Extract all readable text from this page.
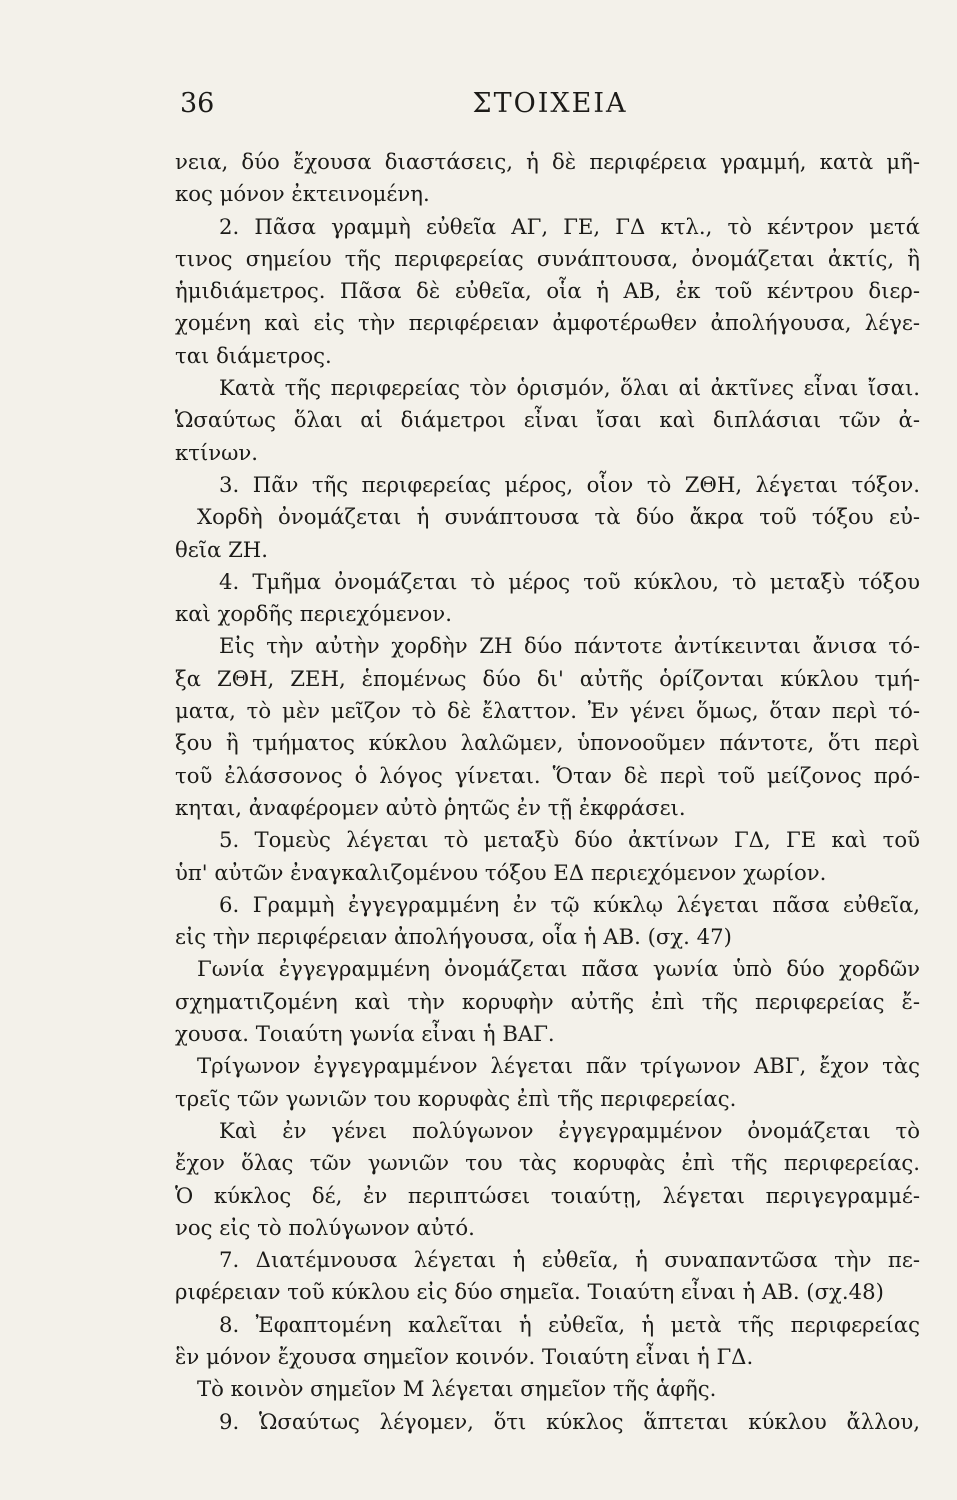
36	ΣΤΟΙΧΕΙΑ
νεια, δύο ἔχουσα διαστάσεις, ἡ δὲ περιφέρεια γραμμή, κατὰ μῆ-
κος μόνον ἐκτεινομένη.
2. Πᾶσα γραμμὴ εὐθεῖα ΑΓ, ΓΕ, ΓΔ κτλ., τὸ κέντρον μετά
τινος σημείου τῆς περιφερείας συνάπτουσα, ὀνομάζεται ἀκτίς, ἢ
ἡμιδιάμετρος. Πᾶσα δὲ εὐθεῖα, οἷα ἡ ΑΒ, ἐκ τοῦ κέντρου διερ-
χομένη καὶ εἰς τὴν περιφέρειαν ἀμφοτέρωθεν ἀπολήγουσα, λέγε-
ται διάμετρος.
Κατὰ τῆς περιφερείας τὸν ὁρισμόν, ὅλαι αἱ ἀκτῖνες εἶναι ἴσαι.
Ὡσαύτως ὅλαι αἱ διάμετροι εἶναι ἴσαι καὶ διπλάσιαι τῶν ἀ-
κτίνων.
3. Πᾶν τῆς περιφερείας μέρος, οἷον τὸ ΖΘΗ, λέγεται τόξον.
Χορδὴ ὀνομάζεται ἡ συνάπτουσα τὰ δύο ἄκρα τοῦ τόξου εὐ-
θεῖα ΖΗ.
4. Τμῆμα ὀνομάζεται τὸ μέρος τοῦ κύκλου, τὸ μεταξὺ τόξου
καὶ χορδῆς περιεχόμενον.
Εἰς τὴν αὐτὴν χορδὴν ΖΗ δύο πάντοτε ἀντίκεινται ἄνισα τό-
ξα ΖΘΗ, ΖΕΗ, ἑπομένως δύο δι' αὐτῆς ὁρίζονται κύκλου τμή-
ματα, τὸ μὲν μεῖζον τὸ δὲ ἔλαττον. Ἐν γένει ὅμως, ὅταν περὶ τό-
ξου ἢ τμήματος κύκλου λαλῶμεν, ὑπονοοῦμεν πάντοτε, ὅτι περὶ
τοῦ ἐλάσσονος ὁ λόγος γίνεται. Ὅταν δὲ περὶ τοῦ μείζονος πρό-
κηται, ἀναφέρομεν αὐτὸ ῥητῶς ἐν τῇ ἐκφράσει.
5. Τομεὺς λέγεται τὸ μεταξὺ δύο ἀκτίνων ΓΔ, ΓΕ καὶ τοῦ
ὑπ' αὐτῶν ἐναγκαλιζομένου τόξου ΕΔ περιεχόμενον χωρίον.
6. Γραμμὴ ἐγγεγραμμένη ἐν τῷ κύκλῳ λέγεται πᾶσα εὐθεῖα,
εἰς τὴν περιφέρειαν ἀπολήγουσα, οἷα ἡ ΑΒ. (σχ. 47)
Γωνία ἐγγεγραμμένη ὀνομάζεται πᾶσα γωνία ὑπὸ δύο χορδῶν
σχηματιζομένη καὶ τὴν κορυφὴν αὐτῆς ἐπὶ τῆς περιφερείας ἔ-
χουσα. Τοιαύτη γωνία εἶναι ἡ ΒΑΓ.
Τρίγωνον ἐγγεγραμμένον λέγεται πᾶν τρίγωνον ΑΒΓ, ἔχον τὰς
τρεῖς τῶν γωνιῶν του κορυφὰς ἐπὶ τῆς περιφερείας.
Καὶ ἐν γένει πολύγωνον ἐγγεγραμμένον ὀνομάζεται τὸ
ἔχον ὅλας τῶν γωνιῶν του τὰς κορυφὰς ἐπὶ τῆς περιφερείας.
Ὁ κύκλος δέ, ἐν περιπτώσει τοιαύτῃ, λέγεται περιγεγραμμέ-
νος εἰς τὸ πολύγωνον αὐτό.
7. Διατέμνουσα λέγεται ἡ εὐθεῖα, ἡ συναπαντῶσα τὴν πε-
ριφέρειαν τοῦ κύκλου εἰς δύο σημεῖα. Τοιαύτη εἶναι ἡ ΑΒ. (σχ.48)
8. Ἐφαπτομένη καλεῖται ἡ εὐθεῖα, ἡ μετὰ τῆς περιφερείας
ἓν μόνον ἔχουσα σημεῖον κοινόν. Τοιαύτη εἶναι ἡ ΓΔ.
Τὸ κοινὸν σημεῖον Μ λέγεται σημεῖον τῆς ἁφῆς.
9. Ὡσαύτως λέγομεν, ὅτι κύκλος ἅπτεται κύκλου ἄλλου,
